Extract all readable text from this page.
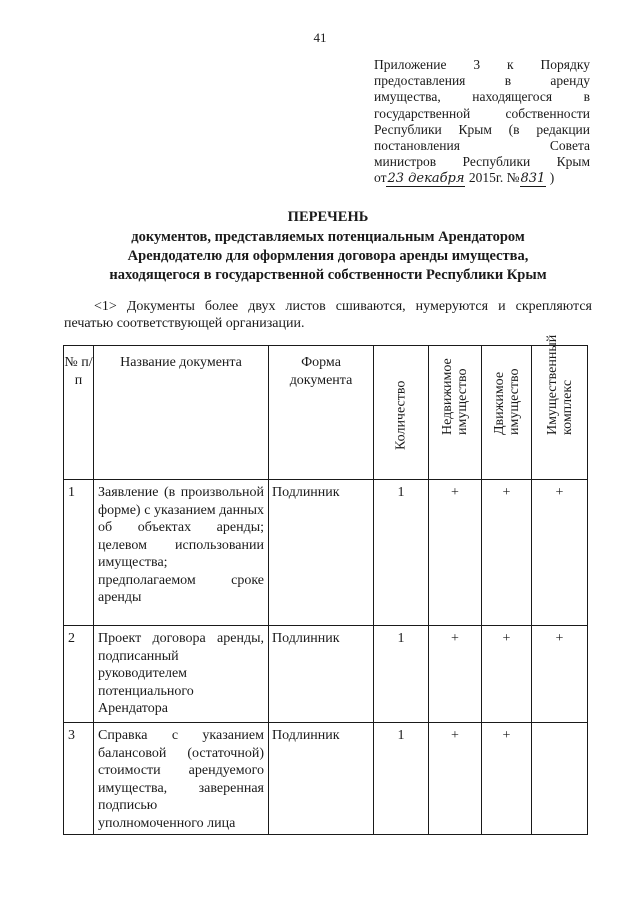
41
Приложение 3 к Порядку
предоставления в аренду
имущества, находящегося в
государственной собственности
Республики Крым (в редакции
постановления Совета
министров Республики Крым
от23 декабря 2015г. №831 )
ПЕРЕЧЕНЬ
документов, представляемых потенциальным Арендатором
Арендодателю для оформления договора аренды имущества,
находящегося в государственной собственности Республики Крым
<1> Документы более двух листов сшиваются, нумеруются и скрепляются печатью соответствующей организации.
№ п/п	Название документа	Форма документа	Количество	Недвижимое имущество	Движимое имущество	Имущественный комплекс

1	Заявление (в произвольной форме) с указанием данных об объектах аренды; целевом использовании имущества; предполагаемом сроке аренды	Подлинник	1	+	+	+
2	Проект договора аренды, подписанный руководителем потенциального Арендатора	Подлинник	1	+	+	+
3	Справка с указанием балансовой (остаточной) стоимости арендуемого имущества, заверенная подписью уполномоченного лица	Подлинник	1	+	+	
